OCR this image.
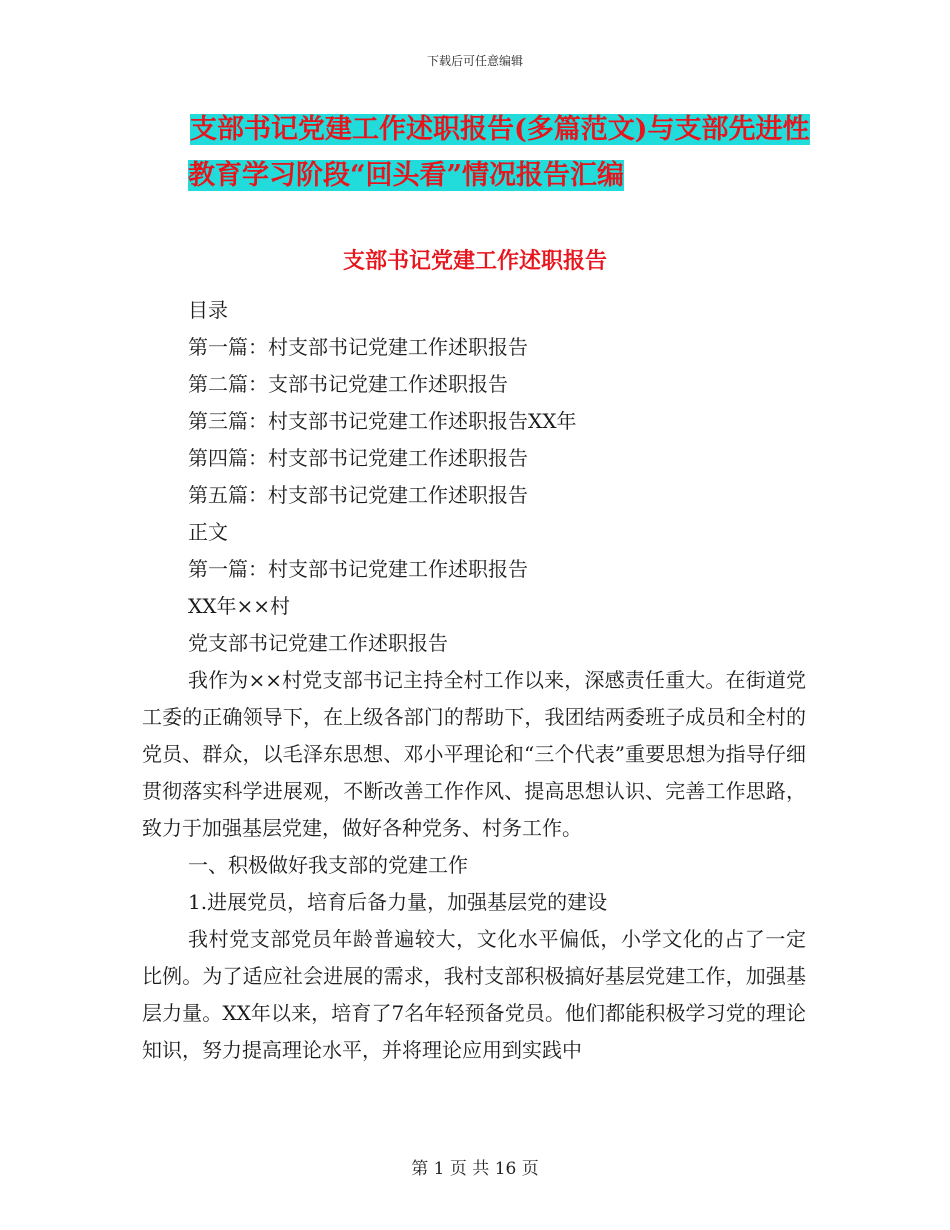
下载后可任意编辑
支部书记党建工作述职报告(多篇范文)与支部先进性
教育学习阶段“回头看”情况报告汇编
支部书记党建工作述职报告

目录

第一篇：村支部书记党建工作述职报告

第二篇：支部书记党建工作述职报告

第三篇：村支部书记党建工作述职报告XX年

第四篇：村支部书记党建工作述职报告

第五篇：村支部书记党建工作述职报告

正文

第一篇：村支部书记党建工作述职报告

XX年××村

党支部书记党建工作述职报告

我作为××村党支部书记主持全村工作以来，深感责任重大。在街道党工委的正确领导下，在上级各部门的帮助下，我团结两委班子成员和全村的党员、群众，以毛泽东思想、邓小平理论和“三个代表”重要思想为指导仔细贯彻落实科学进展观，不断改善工作作风、提高思想认识、完善工作思路，致力于加强基层党建，做好各种党务、村务工作。

一、积极做好我支部的党建工作

1.进展党员，培育后备力量，加强基层党的建设

我村党支部党员年龄普遍较大，文化水平偏低，小学文化的占了一定比例。为了适应社会进展的需求，我村支部积极搞好基层党建工作，加强基层力量。XX年以来，培育了7名年轻预备党员。他们都能积极学习党的理论知识，努力提高理论水平，并将理论应用到实践中

第 1 页 共 16 页
